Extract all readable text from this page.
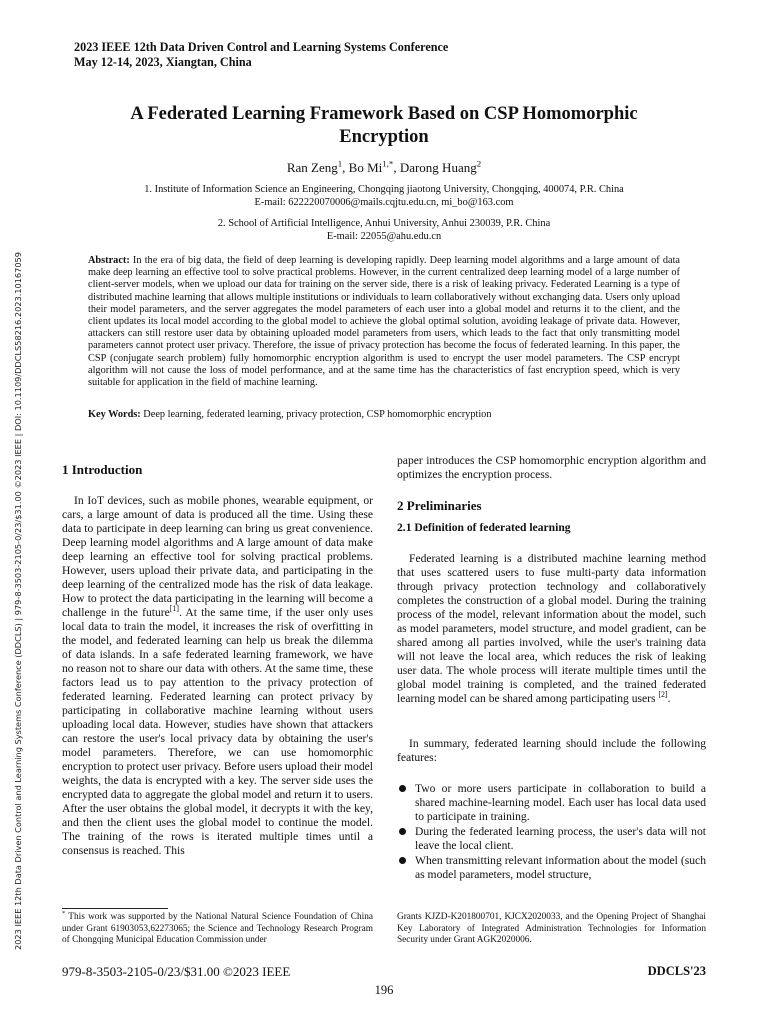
2023 IEEE 12th Data Driven Control and Learning Systems Conference (DDCLS) | 979-8-3503-2105-0/23/$31.00 ©2023 IEEE | DOI: 10.1109/DDCLS58216.2023.10167059
2023 IEEE 12th Data Driven Control and Learning Systems Conference
May 12-14, 2023, Xiangtan, China
A Federated Learning Framework Based on CSP Homomorphic
Encryption
Ran Zeng$^1$, Bo $Mi^{1,*}$, Darong Huang$^2$
1. Institute of Information Science an Engineering, Chongqing jiaotong University, Chongqing, 400074, P.R. China
E-mail: 622220070006@mails.cqjtu.edu.cn, mi_bo@163.com
2. School of Artificial Intelligence, Anhui University, Anhui 230039, P.R. China
E-mail: 22055@ahu.edu.cn
Abstract: In the era of big data, the field of deep learning is developing rapidly. Deep learning model algorithms and a large amount of data make deep learning an effective tool to solve practical problems. However, in the current centralized deep learning model of a large number of client-server models, when we upload our data for training on the server side, there is a risk of leaking privacy. Federated Learning is a type of distributed machine learning that allows multiple institutions or individuals to learn collaboratively without exchanging data. Users only upload their model parameters, and the server aggregates the model parameters of each user into a global model and returns it to the client, and the client updates its local model according to the global model to achieve the global optimal solution, avoiding leakage of private data. However, attackers can still restore user data by obtaining uploaded model parameters from users, which leads to the fact that only transmitting model parameters cannot protect user privacy. Therefore, the issue of privacy protection has become the focus of federated learning. In this paper, the CSP (conjugate search problem) fully homomorphic encryption algorithm is used to encrypt the user model parameters. The CSP encrypt algorithm will not cause the loss of model performance, and at the same time has the characteristics of fast encryption speed, which is very suitable for application in the field of machine learning.
Key Words: Deep learning, federated learning, privacy protection, CSP homomorphic encryption
1 Introduction

In IoT devices, such as mobile phones, wearable equipment, or cars, a large amount of data is produced all the time. Using these data to participate in deep learning can bring us great convenience. Deep learning model algorithms and A large amount of data make deep learning an effective tool for solving practical problems. However, users upload their private data, and participating in the deep learning of the centralized mode has the risk of data leakage. How to protect the data participating in the learning will become a challenge in the future[1]. At the same time, if the user only uses local data to train the model, it increases the risk of overfitting in the model, and federated learning can help us break the dilemma of data islands. In a safe federated learning framework, we have no reason not to share our data with others. At the same time, these factors lead us to pay attention to the privacy protection of federated learning. Federated learning can protect privacy by participating in collaborative machine learning without users uploading local data. However, studies have shown that attackers can restore the user's local privacy data by obtaining the user's model parameters. Therefore, we can use homomorphic encryption to protect user privacy. Before users upload their model weights, the data is encrypted with a key. The server side uses the encrypted data to aggregate the global model and return it to users. After the user obtains the global model, it decrypts it with the key, and then the client uses the global model to continue the model. The training of the rows is iterated multiple times until a consensus is reached. This

paper introduces the CSP homomorphic encryption algorithm and optimizes the encryption process.
2 Preliminaries
2.1 Definition of federated learning

Federated learning is a distributed machine learning method that uses scattered users to fuse multi-party data information through privacy protection technology and collaboratively completes the construction of a global model. During the training process of the model, relevant information about the model, such as model parameters, model structure, and model gradient, can be shared among all parties involved, while the user's training data will not leave the local area, which reduces the risk of leaking user data. The whole process will iterate multiple times until the global model training is completed, and the trained federated learning model can be shared among participating users [2].

In summary, federated learning should include the following features:

Two or more users participate in collaboration to build a shared machine-learning model. Each user has local data used to participate in training.
During the federated learning process, the user's data will not leave the local client.
When transmitting relevant information about the model (such as model parameters, model structure,
* This work was supported by the National Natural Science Foundation of China under Grant 61903053,62273065; the Science and Technology Research Program of Chongqing Municipal Education Commission under
Grants KJZD-K201800701, KJCX2020033, and the Opening Project of Shanghai Key Laboratory of Integrated Administration Technologies for Information Security under Grant AGK2020006.
979-8-3503-2105-0/23/$31.00 ©2023 IEEE	DDCLS'23
196
